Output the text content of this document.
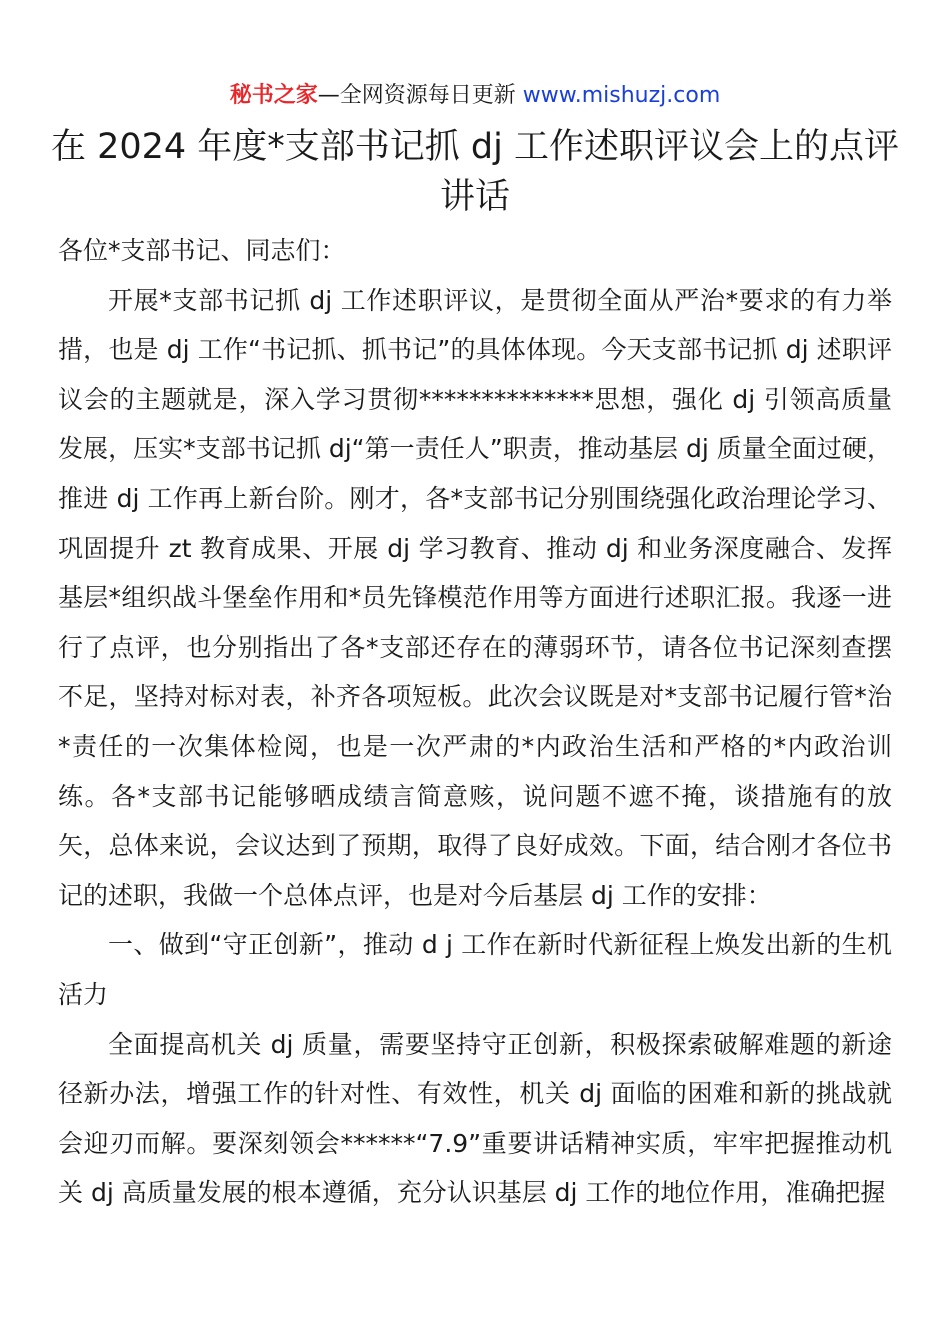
秘书之家—全网资源每日更新 www.mishuzj.com
在 2024 年度*支部书记抓 dj 工作述职评议会上的点评讲话

各位*支部书记、同志们：

开展*支部书记抓 dj 工作述职评议，是贯彻全面从严治*要求的有力举措，也是 dj 工作“书记抓、抓书记”的具体体现。今天支部书记抓 dj 述职评议会的主题就是，深入学习贯彻**************思想，强化 dj 引领高质量发展，压实*支部书记抓 dj“第一责任人”职责，推动基层 dj 质量全面过硬，推进 dj 工作再上新台阶。刚才，各*支部书记分别围绕强化政治理论学习、巩固提升 zt 教育成果、开展 dj 学习教育、推动 dj 和业务深度融合、发挥基层*组织战斗堡垒作用和*员先锋模范作用等方面进行述职汇报。我逐一进行了点评，也分别指出了各*支部还存在的薄弱环节，请各位书记深刻查摆不足，坚持对标对表，补齐各项短板。此次会议既是对*支部书记履行管*治*责任的一次集体检阅，也是一次严肃的*内政治生活和严格的*内政治训练。各*支部书记能够晒成绩言简意赅，说问题不遮不掩，谈措施有的放矢，总体来说，会议达到了预期，取得了良好成效。下面，结合刚才各位书记的述职，我做一个总体点评，也是对今后基层 dj 工作的安排：

一、做到“守正创新”，推动 d j 工作在新时代新征程上焕发出新的生机活力

全面提高机关 dj 质量，需要坚持守正创新，积极探索破解难题的新途径新办法，增强工作的针对性、有效性，机关 dj 面临的困难和新的挑战就会迎刃而解。要深刻领会******“7.9”重要讲话精神实质，牢牢把握推动机关 dj 高质量发展的根本遵循，充分认识基层 dj 工作的地位作用，准确把握
